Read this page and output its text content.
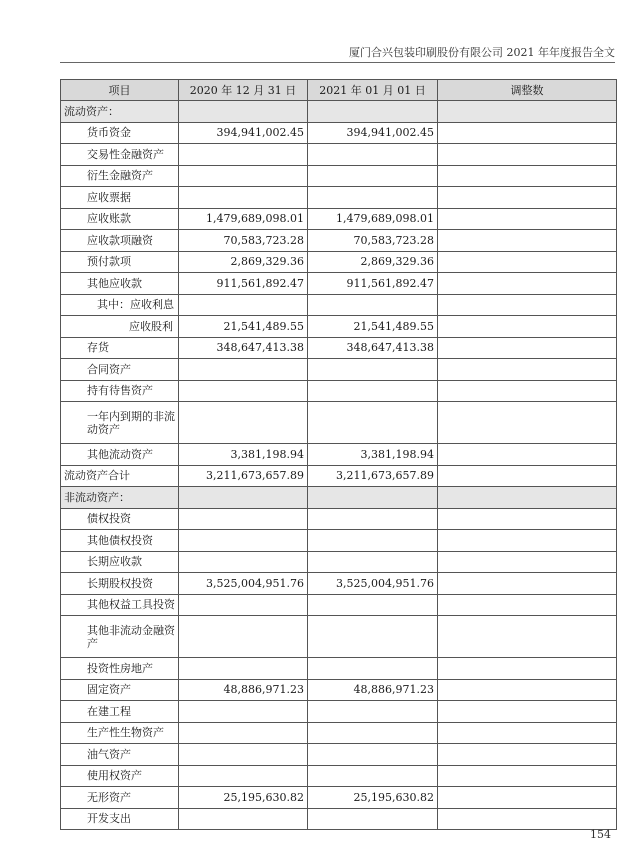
厦门合兴包装印刷股份有限公司 2021 年年度报告全文
项目	2020 年 12 月 31 日	2021 年 01 月 01 日	调整数
流动资产：			
货币资金	394,941,002.45	394,941,002.45	
交易性金融资产			
衍生金融资产			
应收票据			
应收账款	1,479,689,098.01	1,479,689,098.01	
应收款项融资	70,583,723.28	70,583,723.28	
预付款项	2,869,329.36	2,869,329.36	
其他应收款	911,561,892.47	911,561,892.47	
其中：应收利息			
应收股利	21,541,489.55	21,541,489.55	
存货	348,647,413.38	348,647,413.38	
合同资产			
持有待售资产			
一年内到期的非流动资产			
其他流动资产	3,381,198.94	3,381,198.94	
流动资产合计	3,211,673,657.89	3,211,673,657.89	
非流动资产：			
债权投资			
其他债权投资			
长期应收款			
长期股权投资	3,525,004,951.76	3,525,004,951.76	
其他权益工具投资			
其他非流动金融资产			
投资性房地产			
固定资产	48,886,971.23	48,886,971.23	
在建工程			
生产性生物资产			
油气资产			
使用权资产			
无形资产	25,195,630.82	25,195,630.82	
开发支出			
154
